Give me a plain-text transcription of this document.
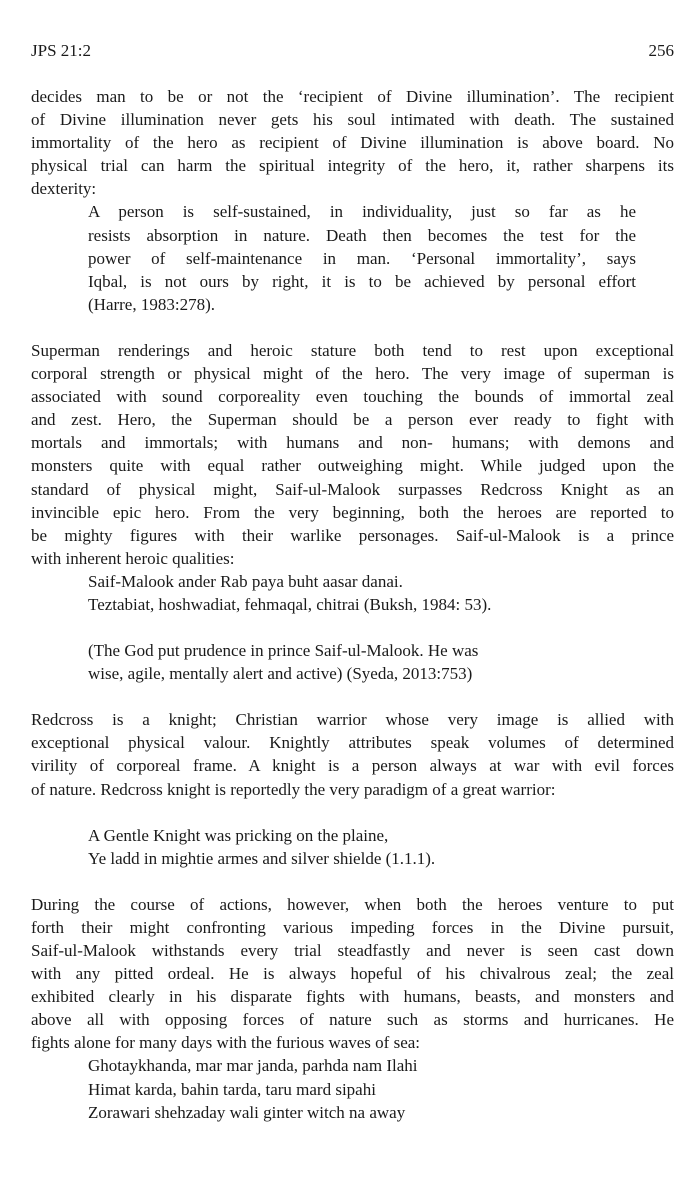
JPS 21:2	256

decides man to be or not the ‘recipient of Divine illumination’. The recipient
of Divine illumination never gets his soul intimated with death. The sustained
immortality of the hero as recipient of Divine illumination is above board. No
physical trial can harm the spiritual integrity of the hero, it, rather sharpens its
dexterity:

A person is self-sustained, in individuality, just so far as he
resists absorption in nature. Death then becomes the test for the
power of self-maintenance in man. ‘Personal immortality’, says
Iqbal, is not ours by right, it is to be achieved by personal effort
(Harre, 1983:278).

Superman renderings and heroic stature both tend to rest upon exceptional
corporal strength or physical might of the hero. The very image of superman is
associated with sound corporeality even touching the bounds of immortal zeal
and zest. Hero, the Superman should be a person ever ready to fight with
mortals and immortals; with humans and non- humans; with demons and
monsters quite with equal rather outweighing might. While judged upon the
standard of physical might, Saif-ul-Malook surpasses Redcross Knight as an
invincible epic hero. From the very beginning, both the heroes are reported to
be mighty figures with their warlike personages. Saif-ul-Malook is a prince
with inherent heroic qualities:

Saif-Malook ander Rab paya buht aasar danai.
Teztabiat, hoshwadiat, fehmaqal, chitrai (Buksh, 1984: 53).
(The God put prudence in prince Saif-ul-Malook. He was
wise, agile, mentally alert and active) (Syeda, 2013:753)

Redcross is a knight; Christian warrior whose very image is allied with
exceptional physical valour. Knightly attributes speak volumes of determined
virility of corporeal frame. A knight is a person always at war with evil forces
of nature. Redcross knight is reportedly the very paradigm of a great warrior:

A Gentle Knight was pricking on the plaine,
Ye ladd in mightie armes and silver shielde (1.1.1).

During the course of actions, however, when both the heroes venture to put
forth their might confronting various impeding forces in the Divine pursuit,
Saif-ul-Malook withstands every trial steadfastly and never is seen cast down
with any pitted ordeal. He is always hopeful of his chivalrous zeal; the zeal
exhibited clearly in his disparate fights with humans, beasts, and monsters and
above all with opposing forces of nature such as storms and hurricanes. He
fights alone for many days with the furious waves of sea:

Ghotaykhanda, mar mar janda, parhda nam Ilahi
Himat karda, bahin tarda, taru mard sipahi
Zorawari shehzaday wali ginter witch na away
